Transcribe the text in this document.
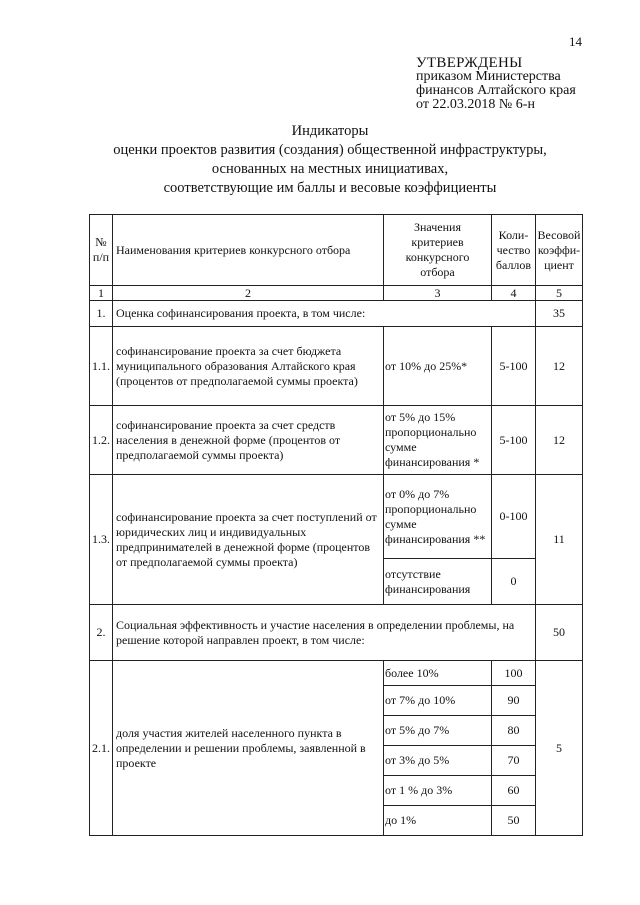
14
УТВЕРЖДЕНЫ
приказом Министерства
финансов Алтайского края
от 22.03.2018 № 6-н
Индикаторы
оценки проектов развития (создания) общественной инфраструктуры,
основанных на местных инициативах,
соответствующие им баллы и весовые коэффициенты
№ п/п	Наименования критериев конкурсного отбора	Значения критериев конкурсного отбора	Коли-чество баллов	Весовой коэффи-циент
1	2	3	4	5
1.	Оценка софинансирования проекта, в том числе:			35
1.1.	софинансирование проекта за счет бюджета муниципального образования Алтайского края (процентов от предполагаемой суммы проекта)	от 10% до 25%*	5-100	12
1.2.	софинансирование проекта за счет средств населения в денежной форме (процентов от предполагаемой суммы проекта)	от 5% до 15% пропорционально сумме финансирования *	5-100	12
1.3.	софинансирование проекта за счет поступлений от юридических лиц и индивидуальных предпринимателей в денежной форме (процентов от предполагаемой суммы проекта)	от 0% до 7% пропорционально сумме финансирования **	0-100	11
		отсутствие финансирования	0	
2.	Социальная эффективность и участие населения в определении проблемы, на решение которой направлен проект, в том числе:			50
2.1.	доля участия жителей населенного пункта в определении и решении проблемы, заявленной в проекте	более 10%	100	5
		от 7% до 10%	90	
		от 5% до 7%	80	
		от 3% до 5%	70	
		от 1 % до 3%	60	
		до 1%	50	
